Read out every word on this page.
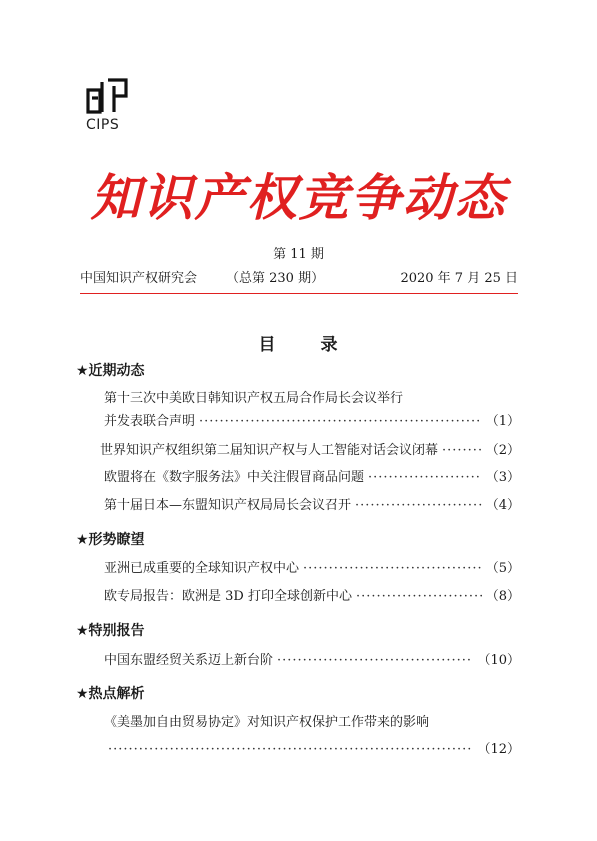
CIPS
知识产权竞争动态
第 11 期
中国知识产权研究会 （总第 230 期）	2020 年 7 月 25 日
目	录
★近期动态
第十三次中美欧日韩知识产权五局合作局长会议举行
并发表联合声明 ·····	（1）
世界知识产权组织第二届知识产权与人工智能对话会议闭幕 ·····	（2）
欧盟将在《数字服务法》中关注假冒商品问题 ·····	（3）
第十届日本—东盟知识产权局局长会议召开 ·····	（4）
★形势瞭望
亚洲已成重要的全球知识产权中心 ·····	（5）
欧专局报告：欧洲是 3D 打印全球创新中心 ·····	（8）
★特别报告
中国东盟经贸关系迈上新台阶 ·····	（10）
★热点解析
《美墨加自由贸易协定》对知识产权保护工作带来的影响
·····
（12）
